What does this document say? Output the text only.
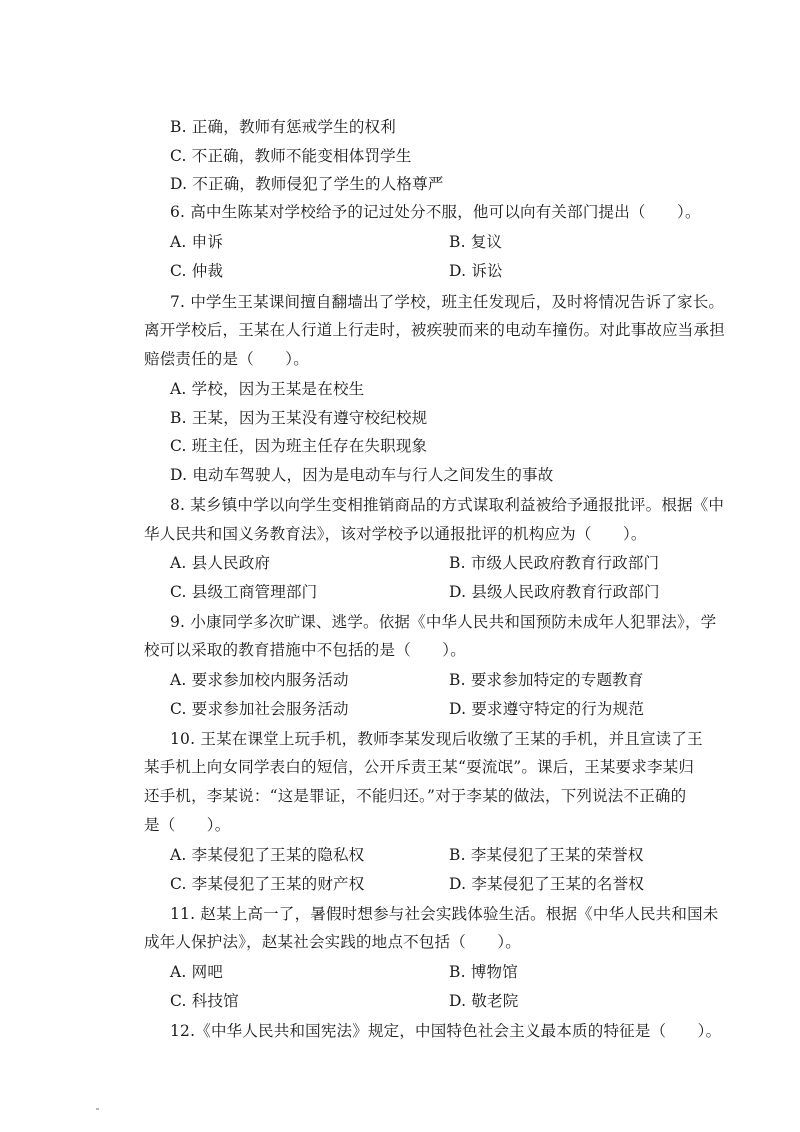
B. 正确，教师有惩戒学生的权利
C. 不正确，教师不能变相体罚学生
D. 不正确，教师侵犯了学生的人格尊严
6. 高中生陈某对学校给予的记过处分不服，他可以向有关部门提出（　　）。
A. 申诉	B. 复议
C. 仲裁	D. 诉讼
7. 中学生王某课间擅自翻墙出了学校，班主任发现后，及时将情况告诉了家长。
离开学校后，王某在人行道上行走时，被疾驶而来的电动车撞伤。对此事故应当承担
赔偿责任的是（　　）。
A. 学校，因为王某是在校生
B. 王某，因为王某没有遵守校纪校规
C. 班主任，因为班主任存在失职现象
D. 电动车驾驶人，因为是电动车与行人之间发生的事故
8. 某乡镇中学以向学生变相推销商品的方式谋取利益被给予通报批评。根据《中
华人民共和国义务教育法》，该对学校予以通报批评的机构应为（　　）。
A. 县人民政府	B. 市级人民政府教育行政部门
C. 县级工商管理部门	D. 县级人民政府教育行政部门
9. 小康同学多次旷课、逃学。依据《中华人民共和国预防未成年人犯罪法》，学
校可以采取的教育措施中不包括的是（　　）。
A. 要求参加校内服务活动	B. 要求参加特定的专题教育
C. 要求参加社会服务活动	D. 要求遵守特定的行为规范
10. 王某在课堂上玩手机，教师李某发现后收缴了王某的手机，并且宣读了王
某手机上向女同学表白的短信，公开斥责王某“耍流氓”。课后，王某要求李某归
还手机，李某说：“这是罪证，不能归还。”对于李某的做法，下列说法不正确的
是（　　）。
A. 李某侵犯了王某的隐私权	B. 李某侵犯了王某的荣誉权
C. 李某侵犯了王某的财产权	D. 李某侵犯了王某的名誉权
11. 赵某上高一了，暑假时想参与社会实践体验生活。根据《中华人民共和国未
成年人保护法》，赵某社会实践的地点不包括（　　）。
A. 网吧	B. 博物馆
C. 科技馆	D. 敬老院
12.《中华人民共和国宪法》规定，中国特色社会主义最本质的特征是（　　）。
